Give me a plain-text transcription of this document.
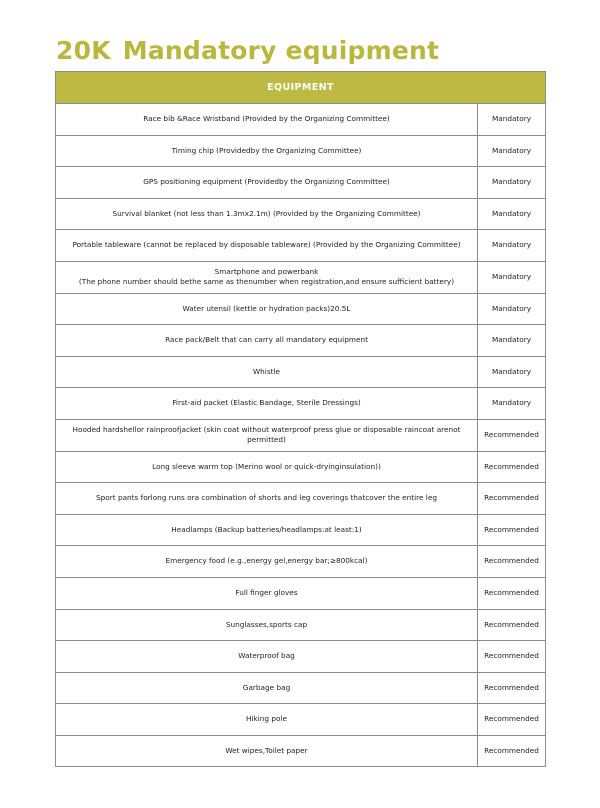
20K Mandatory equipment
EQUIPMENT	
Race bib &Race Wristband (Provided by the Organizing Committee)	Mandatory
Timing chip (Providedby the Organizing Committee)	Mandatory
GPS positioning equipment (Providedby the Organizing Committee)	Mandatory
Survival blanket (not less than 1.3mx2.1m) (Provided by the Organizing Committee)	Mandatory
Portable tableware (cannot be replaced by disposable tableware) (Provided by the Organizing Committee)	Mandatory
Smartphone and powerbank
(The phone number should bethe same as thenumber when registration,and ensure sufficient battery)	Mandatory
Water utensil (kettle or hydration packs)20.5L	Mandatory
Race pack/Belt that can carry all mandatory equipment	Mandatory
Whistle	Mandatory
First-aid packet (Elastic Bandage, Sterile Dressings)	Mandatory
Hooded hardshellor rainproofjacket (skin coat without waterproof press glue or disposable raincoat arenot permitted)	Recommended
Long sleeve warm top (Merino wool or quick-dryinginsulation))	Recommended
Sport pants forlong runs ora combination of shorts and leg coverings thatcover the entire leg	Recommended
Headlamps (Backup batteries/headlamps:at least:1)	Recommended
Emergency food (e.g.,energy gel,energy bar;≥800kcal)	Recommended
Full finger gloves	Recommended
Sunglasses,sports cap	Recommended
Waterproof bag	Recommended
Garbage bag	Recommended
Hiking pole	Recommended
Wet wipes,Toilet paper	Recommended
